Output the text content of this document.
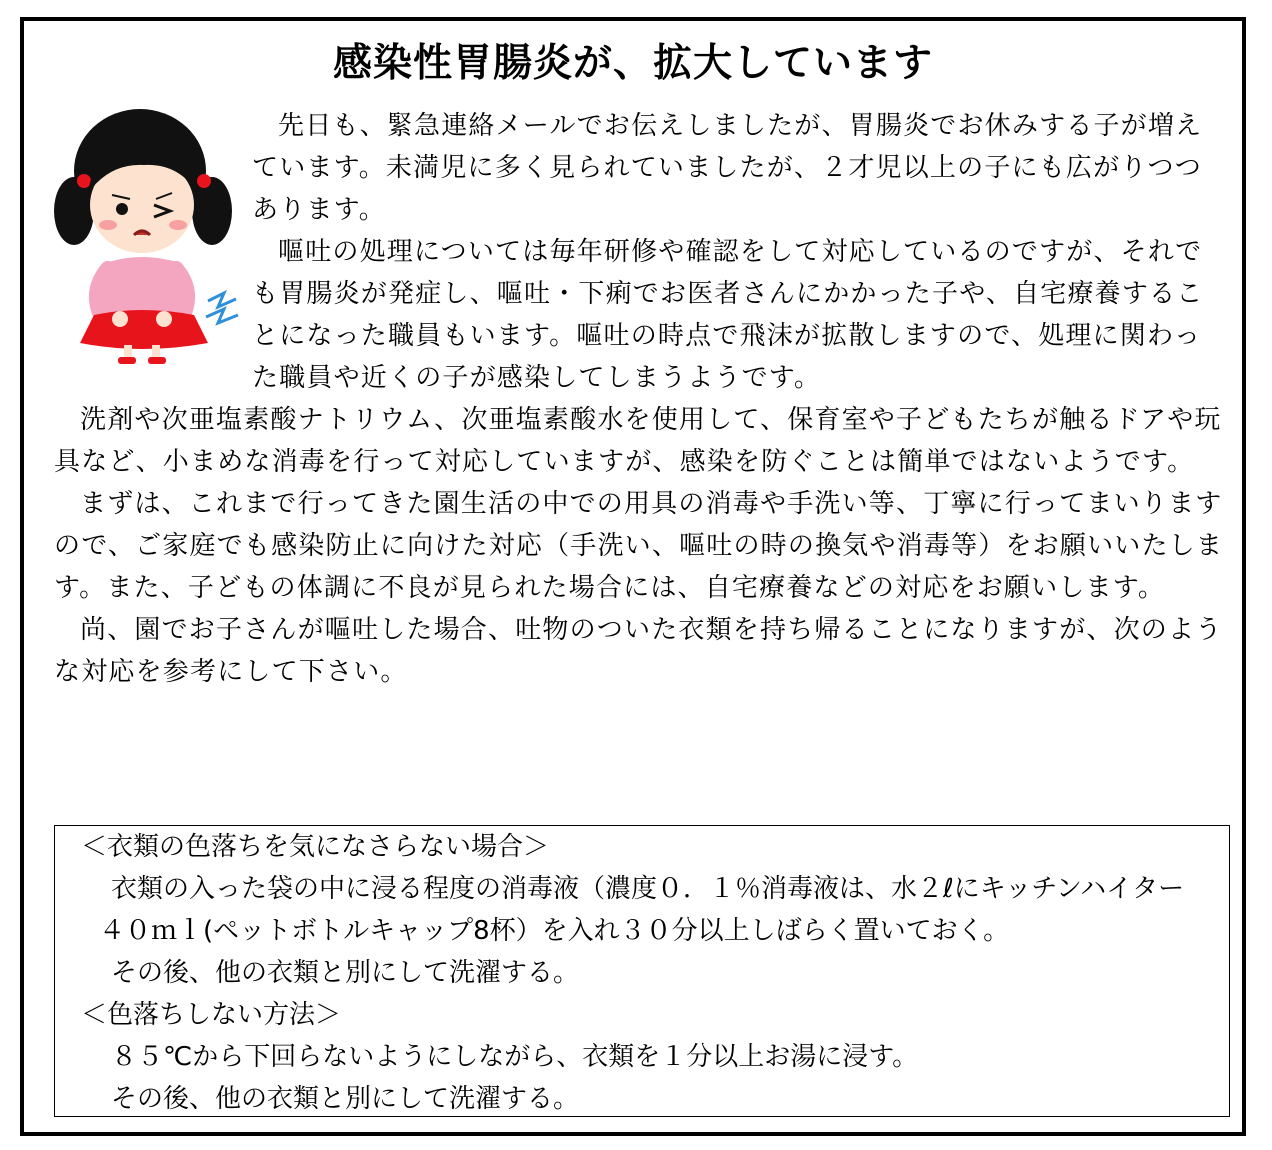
感染性胃腸炎が、拡大しています

先日も、緊急連絡メールでお伝えしましたが、胃腸炎でお休みする子が増えています。未満児に多く見られていましたが、２才児以上の子にも広がりつつあります。
嘔吐の処理については毎年研修や確認をして対応しているのですが、それでも胃腸炎が発症し、嘔吐・下痢でお医者さんにかかった子や、自宅療養することになった職員もいます。嘔吐の時点で飛沫が拡散しますので、処理に関わった職員や近くの子が感染してしまうようです。

洗剤や次亜塩素酸ナトリウム、次亜塩素酸水を使用して、保育室や子どもたちが触るドアや玩具など、小まめな消毒を行って対応していますが、感染を防ぐことは簡単ではないようです。

まずは、これまで行ってきた園生活の中での用具の消毒や手洗い等、丁寧に行ってまいりますので、ご家庭でも感染防止に向けた対応（手洗い、嘔吐の時の換気や消毒等）をお願いいたします。また、子どもの体調に不良が見られた場合には、自宅療養などの対応をお願いします。

尚、園でお子さんが嘔吐した場合、吐物のついた衣類を持ち帰ることになりますが、次のような対応を参考にして下さい。

＜衣類の色落ちを気になさらない場合＞
衣類の入った袋の中に浸る程度の消毒液（濃度０．１％消毒液は、水２ℓにキッチンハイター
４０ｍｌ(ペットボトルキャップ8杯）を入れ３０分以上しばらく置いておく。
その後、他の衣類と別にして洗濯する。
＜色落ちしない方法＞
８５℃から下回らないようにしながら、衣類を１分以上お湯に浸す。
その後、他の衣類と別にして洗濯する。
